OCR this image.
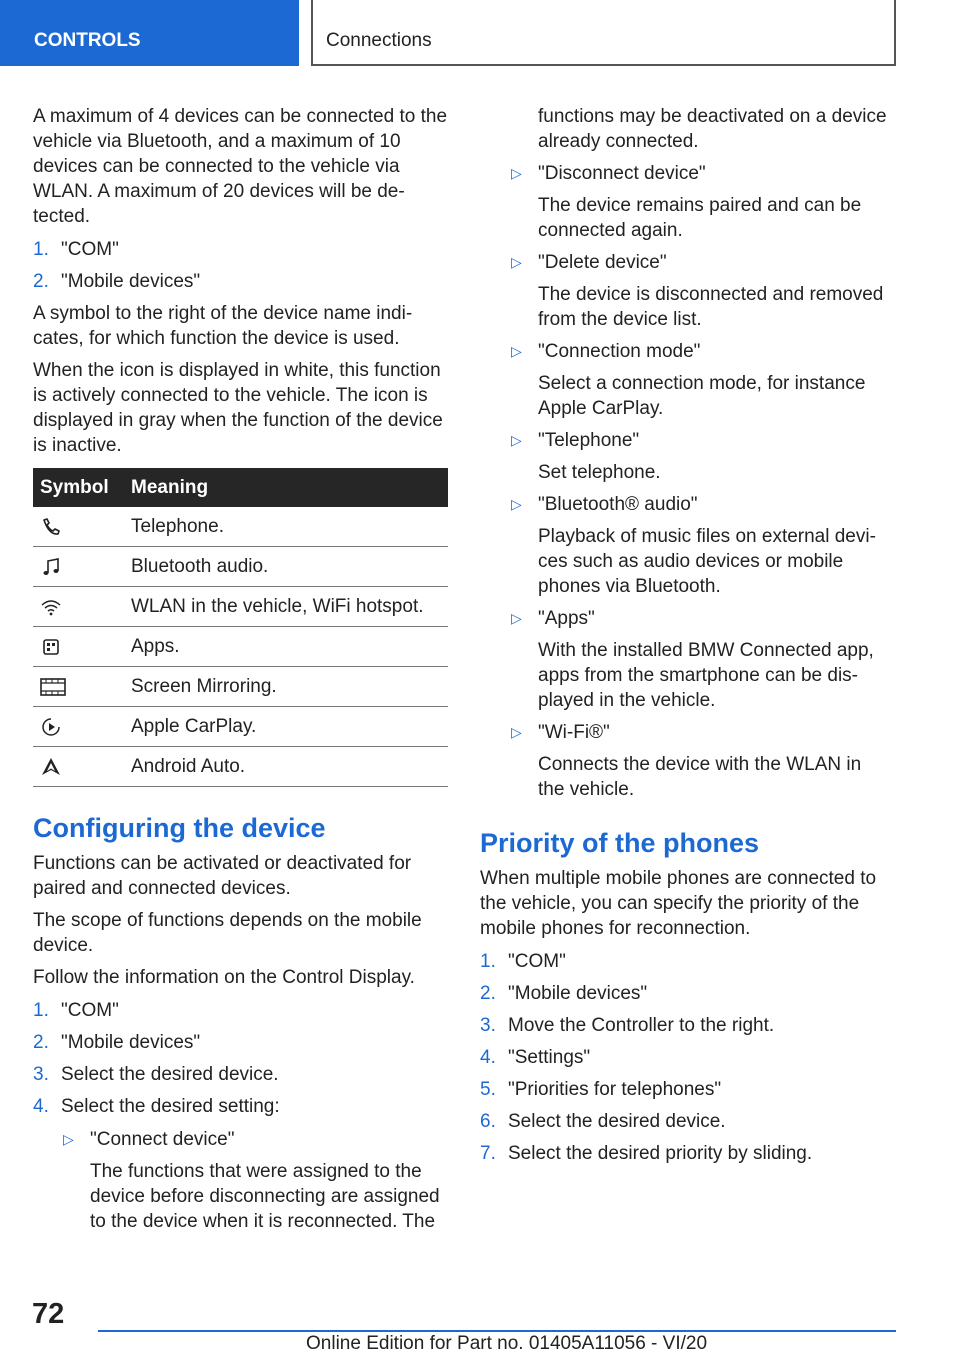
CONTROLS	Connections

A maximum of 4 devices can be connected to the vehicle via Bluetooth, and a maximum of 10 devices can be connected to the vehicle via WLAN. A maximum of 20 devices will be de-tected.

1. "COM"
2. "Mobile devices"

A symbol to the right of the device name indi-cates, for which function the device is used.

When the icon is displayed in white, this function is actively connected to the vehicle. The icon is displayed in gray when the function of the device is inactive.

Symbol	Meaning
	Telephone.
	Bluetooth audio.
	WLAN in the vehicle, WiFi hotspot.
	Apps.
	Screen Mirroring.
	Apple CarPlay.
	Android Auto.
Configuring the device

Functions can be activated or deactivated for paired and connected devices.

The scope of functions depends on the mobile device.

Follow the information on the Control Display.

1. "COM"
2. "Mobile devices"
3. Select the desired device.
4. Select the desired setting:
▷ "Connect device"
The functions that were assigned to the device before disconnecting are assigned to the device when it is reconnected. The
functions may be deactivated on a device already connected.
▷ "Disconnect device"
The device remains paired and can be connected again.
▷ "Delete device"
The device is disconnected and removed from the device list.
▷ "Connection mode"
Select a connection mode, for instance Apple CarPlay.
▷ "Telephone"
Set telephone.
▷ "Bluetooth® audio"
Playback of music files on external devi-ces such as audio devices or mobile phones via Bluetooth.
▷ "Apps"
With the installed BMW Connected app, apps from the smartphone can be dis-played in the vehicle.
▷ "Wi-Fi®"
Connects the device with the WLAN in the vehicle.
Priority of the phones

When multiple mobile phones are connected to the vehicle, you can specify the priority of the mobile phones for reconnection.

1. "COM"
2. "Mobile devices"
3. Move the Controller to the right.
4. "Settings"
5. "Priorities for telephones"
6. Select the desired device.
7. Select the desired priority by sliding.
72
Online Edition for Part no. 01405A11056 - VI/20
